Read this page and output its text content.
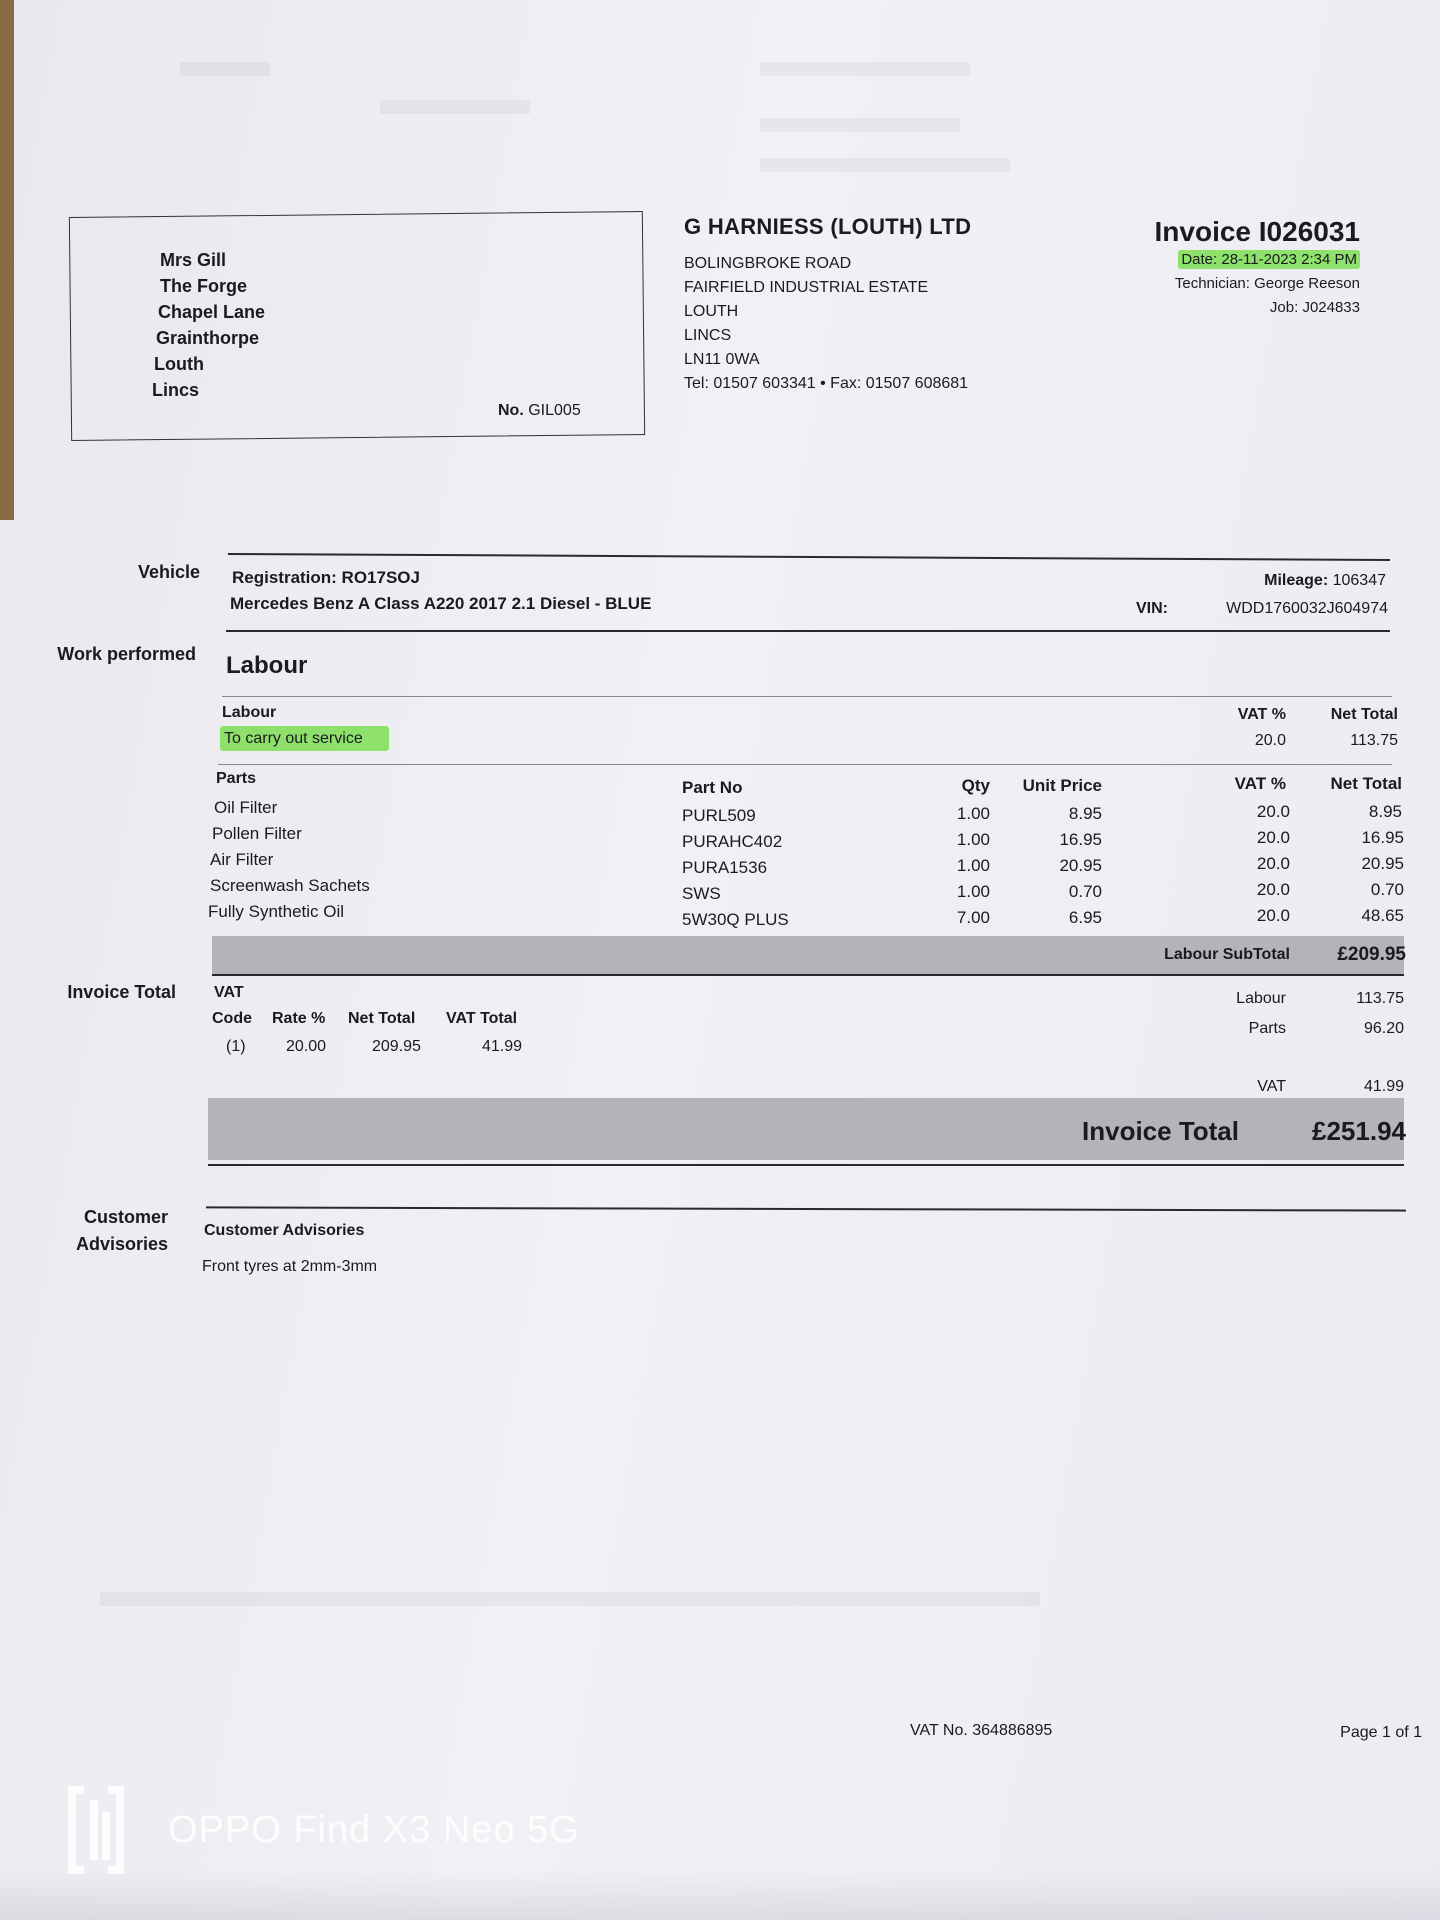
Mrs Gill
The Forge
Chapel Lane
Grainthorpe
Louth
Lincs
No. GIL005
G HARNIESS (LOUTH) LTD
BOLINGBROKE ROAD
FAIRFIELD INDUSTRIAL ESTATE
LOUTH
LINCS
LN11 0WA
Tel: 01507 603341 • Fax: 01507 608681
Invoice I026031
Date: 28-11-2023 2:34 PM
Technician: George Reeson
Job: J024833
Vehicle Registration: RO17SOJ
Mercedes Benz A Class A220 2017 2.1 Diesel - BLUE
Mileage: 106347
VIN:	WDD1760032J604974
Work performed Labour
Labour
To carry out service
VAT %	Net Total
20.0	113.75
Parts	Part No	Qty	Unit Price	VAT %	Net Total
Oil Filter	PURL509	1.00	8.95	20.0	8.95
Pollen Filter	PURAHC402	1.00	16.95	20.0	16.95
Air Filter	PURA1536	1.00	20.95	20.0	20.95
Screenwash Sachets	SWS	1.00	0.70	20.0	0.70
Fully Synthetic Oil	5W30Q PLUS	7.00	6.95	20.0	48.65
Labour SubTotal £209.95
Invoice Total VAT
Code Rate % Net Total VAT Total
(1)	20.00	209.95	41.99
Labour	113.75
Parts	96.20
VAT	41.99
Invoice Total	£251.94
Customer
Advisories
Customer Advisories
Front tyres at 2mm-3mm
VAT No. 364886895	Page 1 of 1
OPPO Find X3 Neo 5G
